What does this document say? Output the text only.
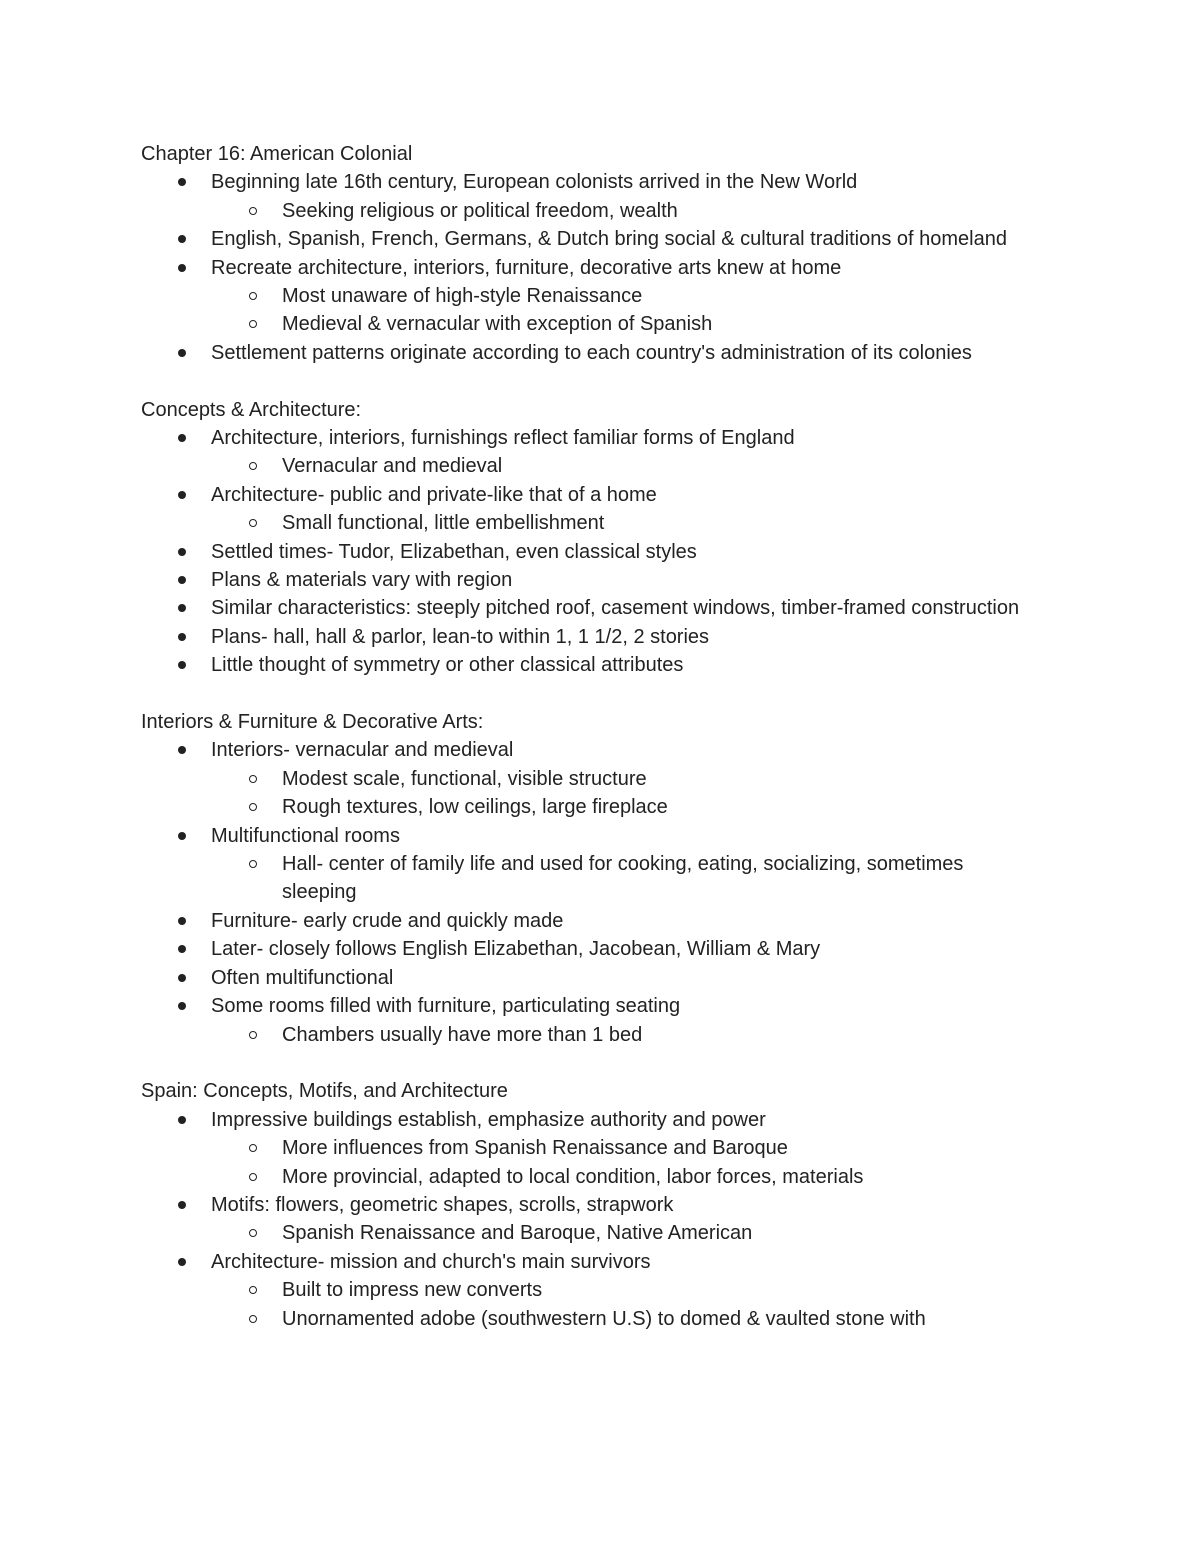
Chapter 16: American Colonial
Beginning late 16th century, European colonists arrived in the New World
Seeking religious or political freedom, wealth
English, Spanish, French, Germans, & Dutch bring social & cultural traditions of homeland
Recreate architecture, interiors, furniture, decorative arts knew at home
Most unaware of high-style Renaissance
Medieval & vernacular with exception of Spanish
Settlement patterns originate according to each country's administration of its colonies
Concepts & Architecture:
Architecture, interiors, furnishings reflect familiar forms of England
Vernacular and medieval
Architecture- public and private-like that of a home
Small functional, little embellishment
Settled times- Tudor, Elizabethan, even classical styles
Plans & materials vary with region
Similar characteristics: steeply pitched roof, casement windows, timber-framed construction
Plans- hall, hall & parlor, lean-to within 1, 1 1/2, 2 stories
Little thought of symmetry or other classical attributes
Interiors & Furniture & Decorative Arts:
Interiors- vernacular and medieval
Modest scale, functional, visible structure
Rough textures, low ceilings, large fireplace
Multifunctional rooms
Hall- center of family life and used for cooking, eating, socializing, sometimes sleeping
Furniture- early crude and quickly made
Later- closely follows English Elizabethan, Jacobean, William & Mary
Often multifunctional
Some rooms filled with furniture, particulating seating
Chambers usually have more than 1 bed
Spain: Concepts, Motifs, and Architecture
Impressive buildings establish, emphasize authority and power
More influences from Spanish Renaissance and Baroque
More provincial, adapted to local condition, labor forces, materials
Motifs: flowers, geometric shapes, scrolls, strapwork
Spanish Renaissance and Baroque, Native American
Architecture- mission and church's main survivors
Built to impress new converts
Unornamented adobe (southwestern U.S) to domed & vaulted stone with
